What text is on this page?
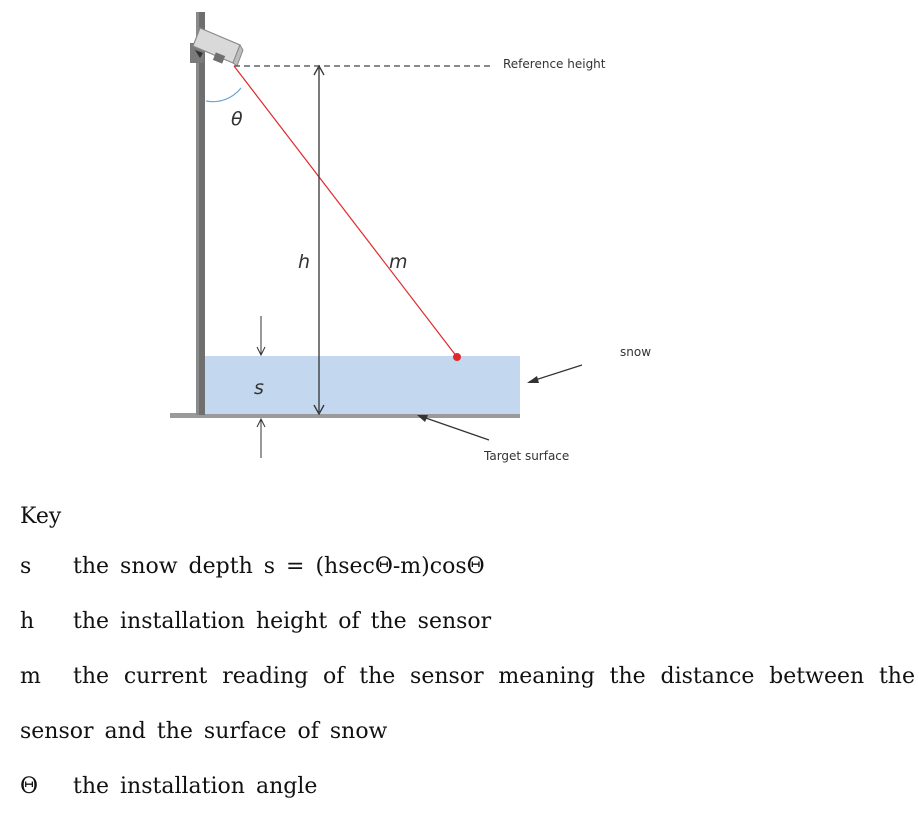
Reference height
θ
m
h
s
snow
Target surface
Key
s the snow depth s = (hsecΘ-m)cosΘ
h the installation height of the sensor
m the current reading of the sensor meaning the distance between the sensor and the surface of snow
Θ the installation angle
